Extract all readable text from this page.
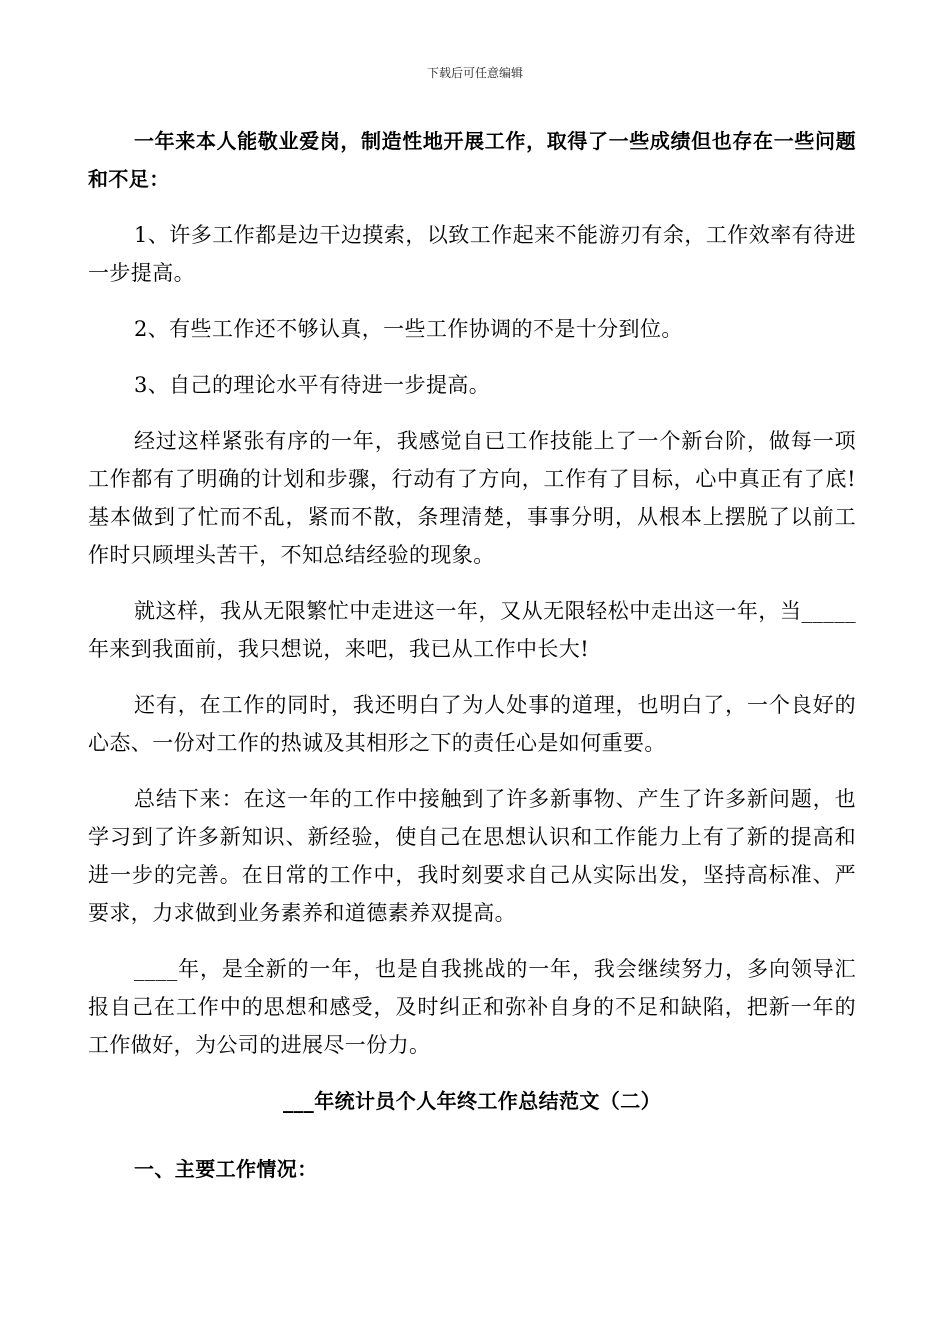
下载后可任意编辑

一年来本人能敬业爱岗，制造性地开展工作，取得了一些成绩但也存在一些问题和不足：

1、许多工作都是边干边摸索，以致工作起来不能游刃有余，工作效率有待进一步提高。

2、有些工作还不够认真，一些工作协调的不是十分到位。

3、自己的理论水平有待进一步提高。

经过这样紧张有序的一年，我感觉自已工作技能上了一个新台阶，做每一项工作都有了明确的计划和步骤，行动有了方向，工作有了目标，心中真正有了底!基本做到了忙而不乱，紧而不散，条理清楚，事事分明，从根本上摆脱了以前工作时只顾埋头苦干，不知总结经验的现象。

就这样，我从无限繁忙中走进这一年，又从无限轻松中走出这一年，当_____年来到我面前，我只想说，来吧，我已从工作中长大!

还有，在工作的同时，我还明白了为人处事的道理，也明白了，一个良好的心态、一份对工作的热诚及其相形之下的责任心是如何重要。

总结下来：在这一年的工作中接触到了许多新事物、产生了许多新问题，也学习到了许多新知识、新经验，使自己在思想认识和工作能力上有了新的提高和进一步的完善。在日常的工作中，我时刻要求自己从实际出发，坚持高标准、严要求，力求做到业务素养和道德素养双提高。

____年，是全新的一年，也是自我挑战的一年，我会继续努力，多向领导汇报自己在工作中的思想和感受，及时纠正和弥补自身的不足和缺陷，把新一年的工作做好，为公司的进展尽一份力。

___年统计员个人年终工作总结范文（二）

一、主要工作情况：
